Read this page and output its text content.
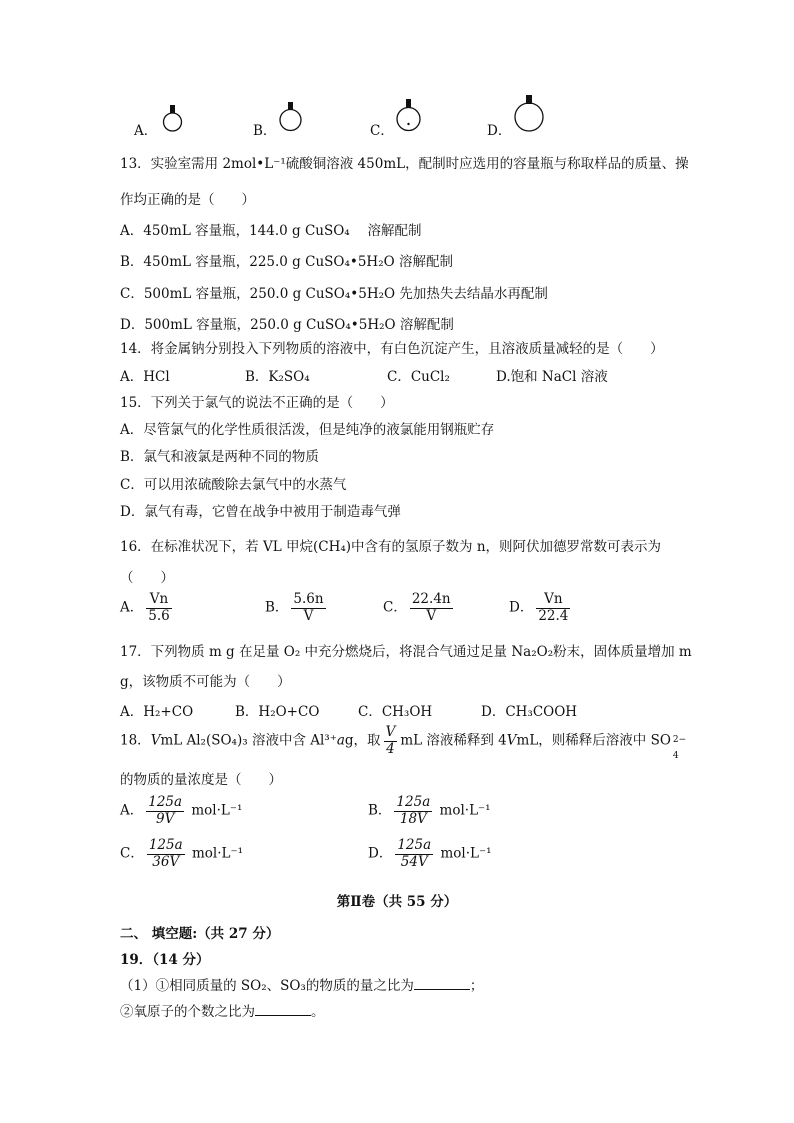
A．	B．	C．	D．
13．实验室需用 2mol•L⁻¹硫酸铜溶液 450mL，配制时应选用的容量瓶与称取样品的质量、操
作均正确的是（　　）
A．450mL 容量瓶，144.0 g CuSO₄　 溶解配制
B．450mL 容量瓶，225.0 g CuSO₄•5H₂O 溶解配制
C．500mL 容量瓶，250.0 g CuSO₄•5H₂O 先加热失去结晶水再配制
D．500mL 容量瓶，250.0 g CuSO₄•5H₂O 溶解配制
14．将金属钠分别投入下列物质的溶液中，有白色沉淀产生，且溶液质量减轻的是（　　）
A．HCl	B．K₂SO₄	C．CuCl₂	D.饱和 NaCl 溶液
15．下列关于氯气的说法不正确的是（　　）
A．尽管氯气的化学性质很活泼，但是纯净的液氯能用钢瓶贮存
B．氯气和液氯是两种不同的物质
C．可以用浓硫酸除去氯气中的水蒸气
D．氯气有毒，它曾在战争中被用于制造毒气弹
16．在标准状况下，若 VL 甲烷(CH₄)中含有的氢原子数为 n，则阿伏加德罗常数可表示为
（　　）
A． $\frac{Vn}{5.6}$	B． $\frac{5.6n}{V}$	C． $\frac{22.4n}{V}$	D． $\frac{Vn}{22.4}$
17．下列物质 m g 在足量 O₂ 中充分燃烧后，将混合气通过足量 Na₂O₂粉末，固体质量增加 m
g，该物质不可能为（　　）
A．H₂+CO	B．H₂O+CO	C．CH₃OH	D．CH₃COOH
18．VmL Al₂(SO₄)₃ 溶液中含 Al³⁺ag，取 $\frac{V}{4}$ mL 溶液稀释到 4VmL，则稀释后溶液中 SO 2−
4
的物质的量浓度是（　　）
A． $\frac{125a}{9V} mol\cdot L^{-1}$	B． $\frac{125a}{18V} mol\cdot L^{-1}$
C． $\frac{125a}{36V} mol\cdot L^{-1}$	D． $\frac{125a}{54V} mol\cdot L^{-1}$
第Ⅱ卷（共 55 分）
二、 填空题:（共 27 分）
19．（14 分）
（1）①相同质量的 SO₂、SO₃的物质的量之比为	；
②氧原子的个数之比为	。
